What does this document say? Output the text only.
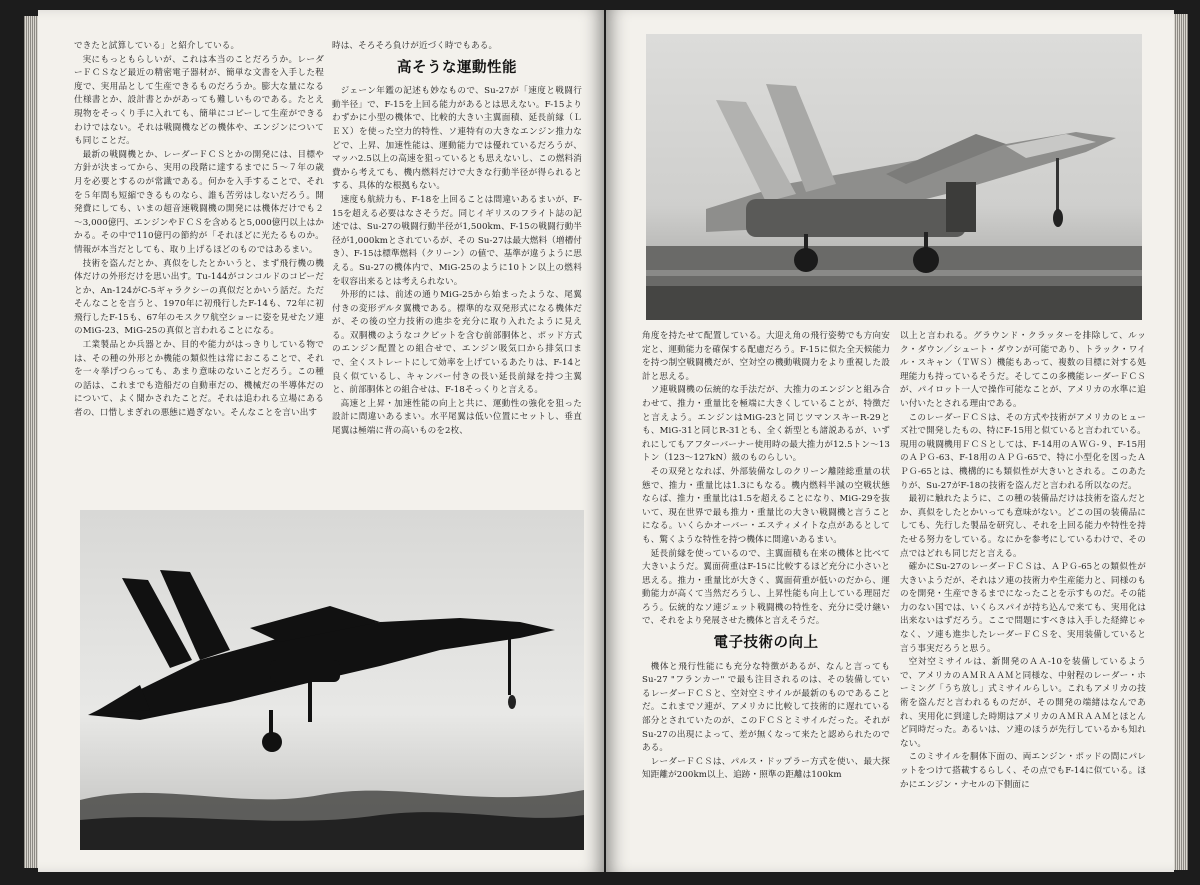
できたと試算している」と紹介している。

実にもっともらしいが、これは本当のことだろうか。レーダーＦＣＳなど最近の精密電子器材が、簡単な文書を入手した程度で、実用品として生産できるものだろうか。膨大な量になる仕様書とか、設計書とかがあっても難しいものである。たとえ現物をそっくり手に入れても、簡単にコピーして生産ができるわけではない。それは戦闘機などの機体や、エンジンについても同じことだ。

最新の戦闘機とか、レーダーＦＣＳとかの開発には、目標や方針が決まってから、実用の段階に達するまでに５～７年の歳月を必要とするのが常識である。何かを入手することで、それを５年間も短縮できるものなら、誰も苦労はしないだろう。開発費にしても、いまの超音速戦闘機の開発には機体だけでも２～3,000億円、エンジンやＦＣＳを含めると5,000億円以上はかかる。その中で110億円の節約が「それほどに光たるものか。情報が本当だとしても、取り上げるほどのものではあるまい。

技術を盗んだとか、真似をしたとかいうと、まず飛行機の機体だけの外形だけを思い出す。Tu-144がコンコルドのコピーだとか、An-124がC-5ギャラクシーの真似だとかいう話だ。ただそんなことを言うと、1970年に初飛行したF-14も、72年に初飛行したF-15も、67年のモスクワ航空ショーに姿を見せたソ連のMiG-23、MiG-25の真似と言われることになる。

工業製品とか兵器とか、目的や能力がはっきりしている物では、その種の外形とか機能の類似性は常におこることで、それを一々挙げつらっても、あまり意味のないことだろう。この種の話は、これまでも造船だの自動車だの、機械だの半導体だのについて、よく聞かされたことだ。それは追われる立場にある者の、口惜しまぎれの悪態に過ぎない。そんなことを言い出す

時は、そろそろ負けが近づく時でもある。

高そうな運動性能

ジェーン年鑑の記述も妙なもので、Su-27が「速度と戦闘行動半径」で、F-15を上回る能力があるとは思えない。F-15よりわずかに小型の機体で、比較的大きい主翼面積、延長前縁（ＬＥＸ）を使った空力的特性、ソ連特有の大きなエンジン推力などで、上昇、加速性能は、運動能力では優れているだろうが、マッハ2.5以上の高速を狙っているとも思えないし、この燃料消費から考えても、機内燃料だけで大きな行動半径が得られるとする、具体的な根拠もない。

速度も航続力も、F-18を上回ることは間違いあるまいが、F-15を超える必要はなさそうだ。同じイギリスのフライト誌の記述では、Su-27の戦闘行動半径が1,500km、F-15の戦闘行動半径が1,000kmとされているが、その Su-27は最大燃料（増槽付き）、F-15は標準燃料（クリーン）の値で、基準が違うように思える。Su-27の機体内で、MiG-25のように10トン以上の燃料を収容出来るとは考えられない。

外形的には、前述の通りMiG-25から始まったような、尾翼付きの変形デルタ翼機である。標準的な双発形式になる機体だが、その後の空力技術の進歩を充分に取り入れたように見える。双胴機のようなコクピットを含む前部胴体と、ポッド方式のエンジン配置との組合せで、エンジン吸気口から排気口まで、全くストレートにして効率を上げているあたりは、F-14と良く似ているし、キャンバー付きの長い延長前縁を持つ主翼と、前部胴体との組合せは、F-18そっくりと言える。

高速と上昇・加速性能の向上と共に、運動性の強化を狙った設計に間違いあるまい。水平尾翼は低い位置にセットし、垂直尾翼は極端に背の高いものを2枚、

角度を持たせて配置している。大迎え角の飛行姿勢でも方向安定と、運動能力を確保する配慮だろう。F-15に似た全天候能力を持つ制空戦闘機だが、空対空の機動戦闘力をより重視した設計と思える。

ソ連戦闘機の伝統的な手法だが、大推力のエンジンと組み合わせて、推力・重量比を極端に大きくしていることが、特徴だと言えよう。エンジンはMiG-23と同じツマンスキーR-29とも、MiG-31と同じR-31とも、全く新型とも諸説あるが、いずれにしてもアフターバーナー使用時の最大推力が12.5トン～13トン（123～127kN）級のものらしい。

その双発となれば、外部装備なしのクリーン離陸総重量の状態で、推力・重量比は1.3にもなる。機内燃料半減の空戦状態ならば、推力・重量比は1.5を超えることになり、MiG-29を抜いて、現在世界で最も推力・重量比の大きい戦闘機と言うことになる。いくらかオーバー・エスティメイトな点があるとしても、驚くような特性を持つ機体に間違いあるまい。

延長前縁を使っているので、主翼面積も在来の機体と比べて大きいようだ。翼面荷重はF-15に比較するほど充分に小さいと思える。推力・重量比が大きく、翼面荷重が低いのだから、運動能力が高くて当然だろうし、上昇性能も向上している理屈だろう。伝統的なソ連ジェット戦闘機の特性を、充分に受け継いで、それをより発展させた機体と言えそうだ。

電子技術の向上

機体と飛行性能にも充分な特徴があるが、なんと言っても Su-27 "フランカー" で最も注目されるのは、その装備しているレーダーＦＣＳと、空対空ミサイルが最新のものであることだ。これまでソ連が、アメリカに比較して技術的に遅れている部分とされていたのが、このＦＣＳとミサイルだった。それが Su-27の出現によって、差が無くなって来たと認められたのである。

レーダーＦＣＳは、パルス・ドップラー方式を使い、最大探知距離が200km以上、追跡・照準の距離は100km

以上と言われる。グラウンド・クラッターを排除して、ルック・ダウン／シュート・ダウンが可能であり、トラック・ワイル・スキャン（ＴＷＳ）機能もあって、複数の目標に対する処理能力も持っているそうだ。そしてこの多機能レーダーＦＣＳが、パイロット一人で操作可能なことが、アメリカの水準に追い付いたとされる理由である。

このレーダーＦＣＳは、その方式や技術がアメリカのヒューズ社で開発したもの、特にF-15用と似ていると言われている。現用の戦闘機用ＦＣＳとしては、F-14用のＡＷＧ-９、F-15用のＡＰＧ-63、F-18用のＡＰＧ-65で、特に小型化を図ったＡＰＧ-65とは、機構的にも類似性が大きいとされる。このあたりが、Su-27がF-18の技術を盗んだと言われる所以なのだ。

最初に触れたように、この種の装備品だけは技術を盗んだとか、真似をしたとかいっても意味がない。どこの国の装備品にしても、先行した製品を研究し、それを上回る能力や特性を持たせる努力をしている。なにかを参考にしているわけで、その点ではどれも同じだと言える。

確かにSu-27のレーダーＦＣＳは、ＡＰＧ-65との類似性が大きいようだが、それはソ連の技術力や生産能力と、同様のものを開発・生産できるまでになったことを示すものだ。その能力のない国では、いくらスパイが持ち込んで来ても、実用化は出来ないはずだろう。ここで問題にすべきは入手した経緯じゃなく、ソ連も進歩したレーダーＦＣＳを、実用装備していると言う事実だろうと思う。

空対空ミサイルは、新開発のＡＡ-10を装備しているようで、アメリカのＡＭＲＡＡＭと同様な、中射程のレーダー・ホーミング「うち放し」式ミサイルらしい。これもアメリカの技術を盗んだと言われるものだが、その開発の端緒はなんであれ、実用化に到達した時期はアメリカのＡＭＲＡＡＭとほとんど同時だった。あるいは、ソ連のほうが先行しているかも知れない。

このミサイルを胴体下面の、両エンジン・ポッドの間にパレットをつけて搭載するらしく、その点でもF-14に似ている。ほかにエンジン・ナセルの下側面に
